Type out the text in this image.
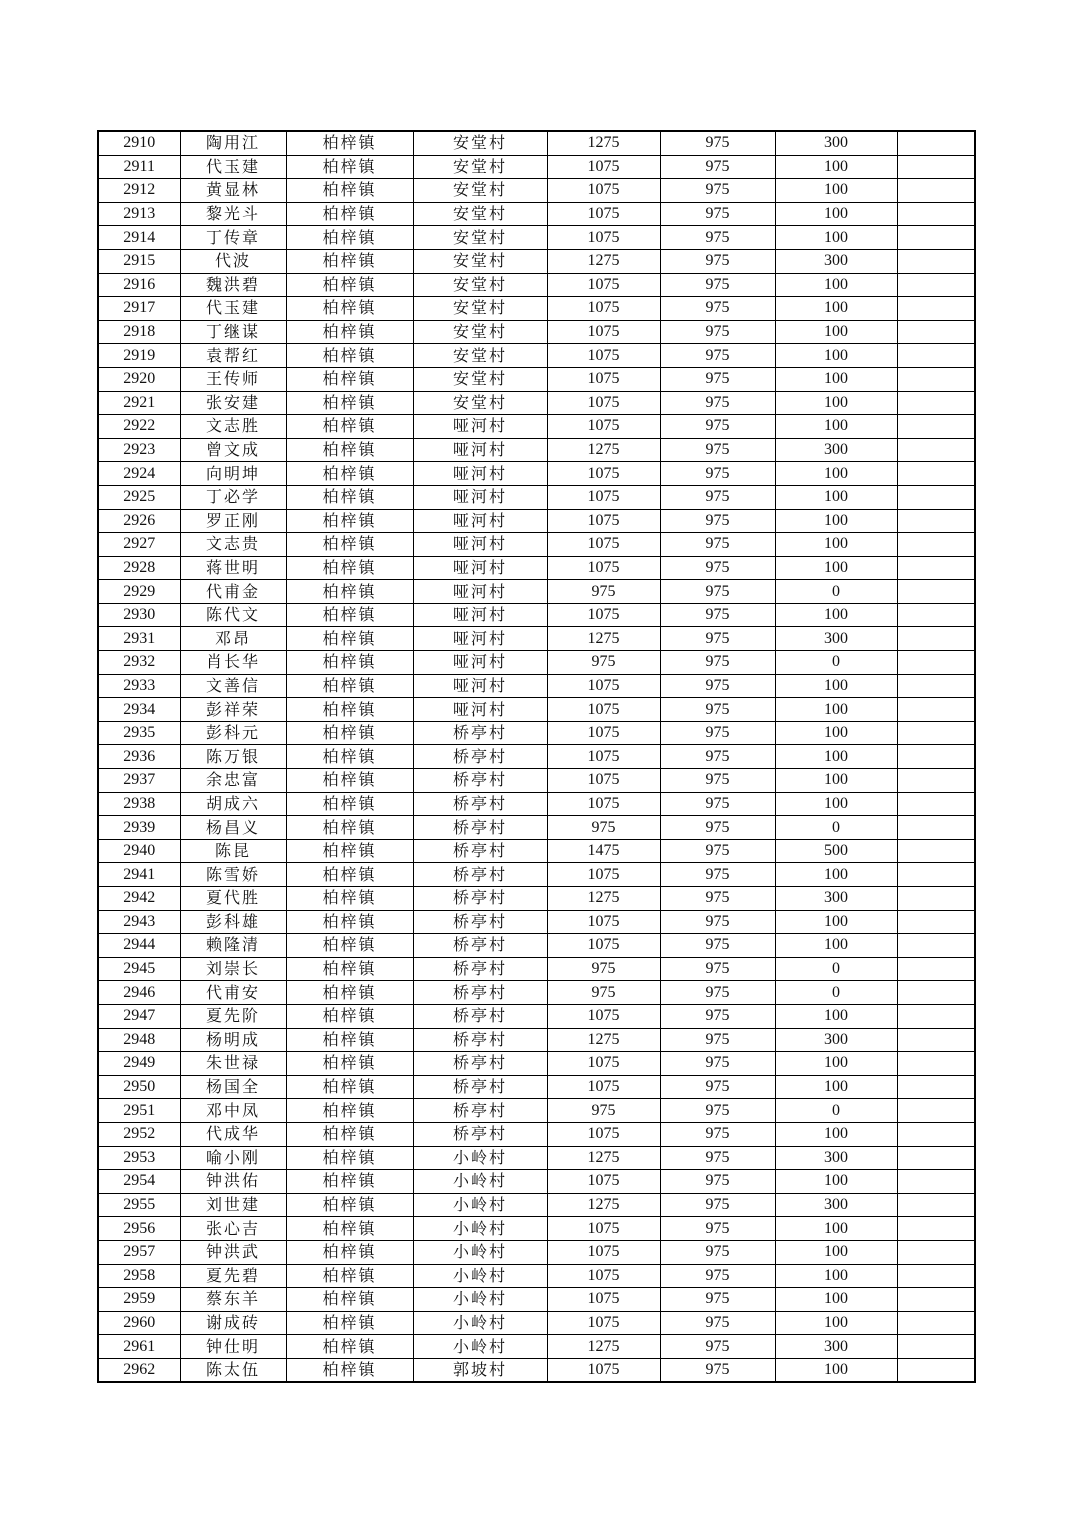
2910	陶用江	柏梓镇	安堂村	1275	975	300	
2911	代玉建	柏梓镇	安堂村	1075	975	100	
2912	黄显林	柏梓镇	安堂村	1075	975	100	
2913	黎光斗	柏梓镇	安堂村	1075	975	100	
2914	丁传章	柏梓镇	安堂村	1075	975	100	
2915	代波	柏梓镇	安堂村	1275	975	300	
2916	魏洪碧	柏梓镇	安堂村	1075	975	100	
2917	代玉建	柏梓镇	安堂村	1075	975	100	
2918	丁继谋	柏梓镇	安堂村	1075	975	100	
2919	袁帮红	柏梓镇	安堂村	1075	975	100	
2920	王传师	柏梓镇	安堂村	1075	975	100	
2921	张安建	柏梓镇	安堂村	1075	975	100	
2922	文志胜	柏梓镇	哑河村	1075	975	100	
2923	曾文成	柏梓镇	哑河村	1275	975	300	
2924	向明坤	柏梓镇	哑河村	1075	975	100	
2925	丁必学	柏梓镇	哑河村	1075	975	100	
2926	罗正刚	柏梓镇	哑河村	1075	975	100	
2927	文志贵	柏梓镇	哑河村	1075	975	100	
2928	蒋世明	柏梓镇	哑河村	1075	975	100	
2929	代甫金	柏梓镇	哑河村	975	975	0	
2930	陈代文	柏梓镇	哑河村	1075	975	100	
2931	邓昂	柏梓镇	哑河村	1275	975	300	
2932	肖长华	柏梓镇	哑河村	975	975	0	
2933	文善信	柏梓镇	哑河村	1075	975	100	
2934	彭祥荣	柏梓镇	哑河村	1075	975	100	
2935	彭科元	柏梓镇	桥亭村	1075	975	100	
2936	陈万银	柏梓镇	桥亭村	1075	975	100	
2937	余忠富	柏梓镇	桥亭村	1075	975	100	
2938	胡成六	柏梓镇	桥亭村	1075	975	100	
2939	杨昌义	柏梓镇	桥亭村	975	975	0	
2940	陈昆	柏梓镇	桥亭村	1475	975	500	
2941	陈雪娇	柏梓镇	桥亭村	1075	975	100	
2942	夏代胜	柏梓镇	桥亭村	1275	975	300	
2943	彭科雄	柏梓镇	桥亭村	1075	975	100	
2944	赖隆清	柏梓镇	桥亭村	1075	975	100	
2945	刘崇长	柏梓镇	桥亭村	975	975	0	
2946	代甫安	柏梓镇	桥亭村	975	975	0	
2947	夏先阶	柏梓镇	桥亭村	1075	975	100	
2948	杨明成	柏梓镇	桥亭村	1275	975	300	
2949	朱世禄	柏梓镇	桥亭村	1075	975	100	
2950	杨国全	柏梓镇	桥亭村	1075	975	100	
2951	邓中凤	柏梓镇	桥亭村	975	975	0	
2952	代成华	柏梓镇	桥亭村	1075	975	100	
2953	喻小刚	柏梓镇	小岭村	1275	975	300	
2954	钟洪佑	柏梓镇	小岭村	1075	975	100	
2955	刘世建	柏梓镇	小岭村	1275	975	300	
2956	张心吉	柏梓镇	小岭村	1075	975	100	
2957	钟洪武	柏梓镇	小岭村	1075	975	100	
2958	夏先碧	柏梓镇	小岭村	1075	975	100	
2959	蔡东羊	柏梓镇	小岭村	1075	975	100	
2960	谢成砖	柏梓镇	小岭村	1075	975	100	
2961	钟仕明	柏梓镇	小岭村	1275	975	300	
2962	陈太伍	柏梓镇	郭坡村	1075	975	100	
